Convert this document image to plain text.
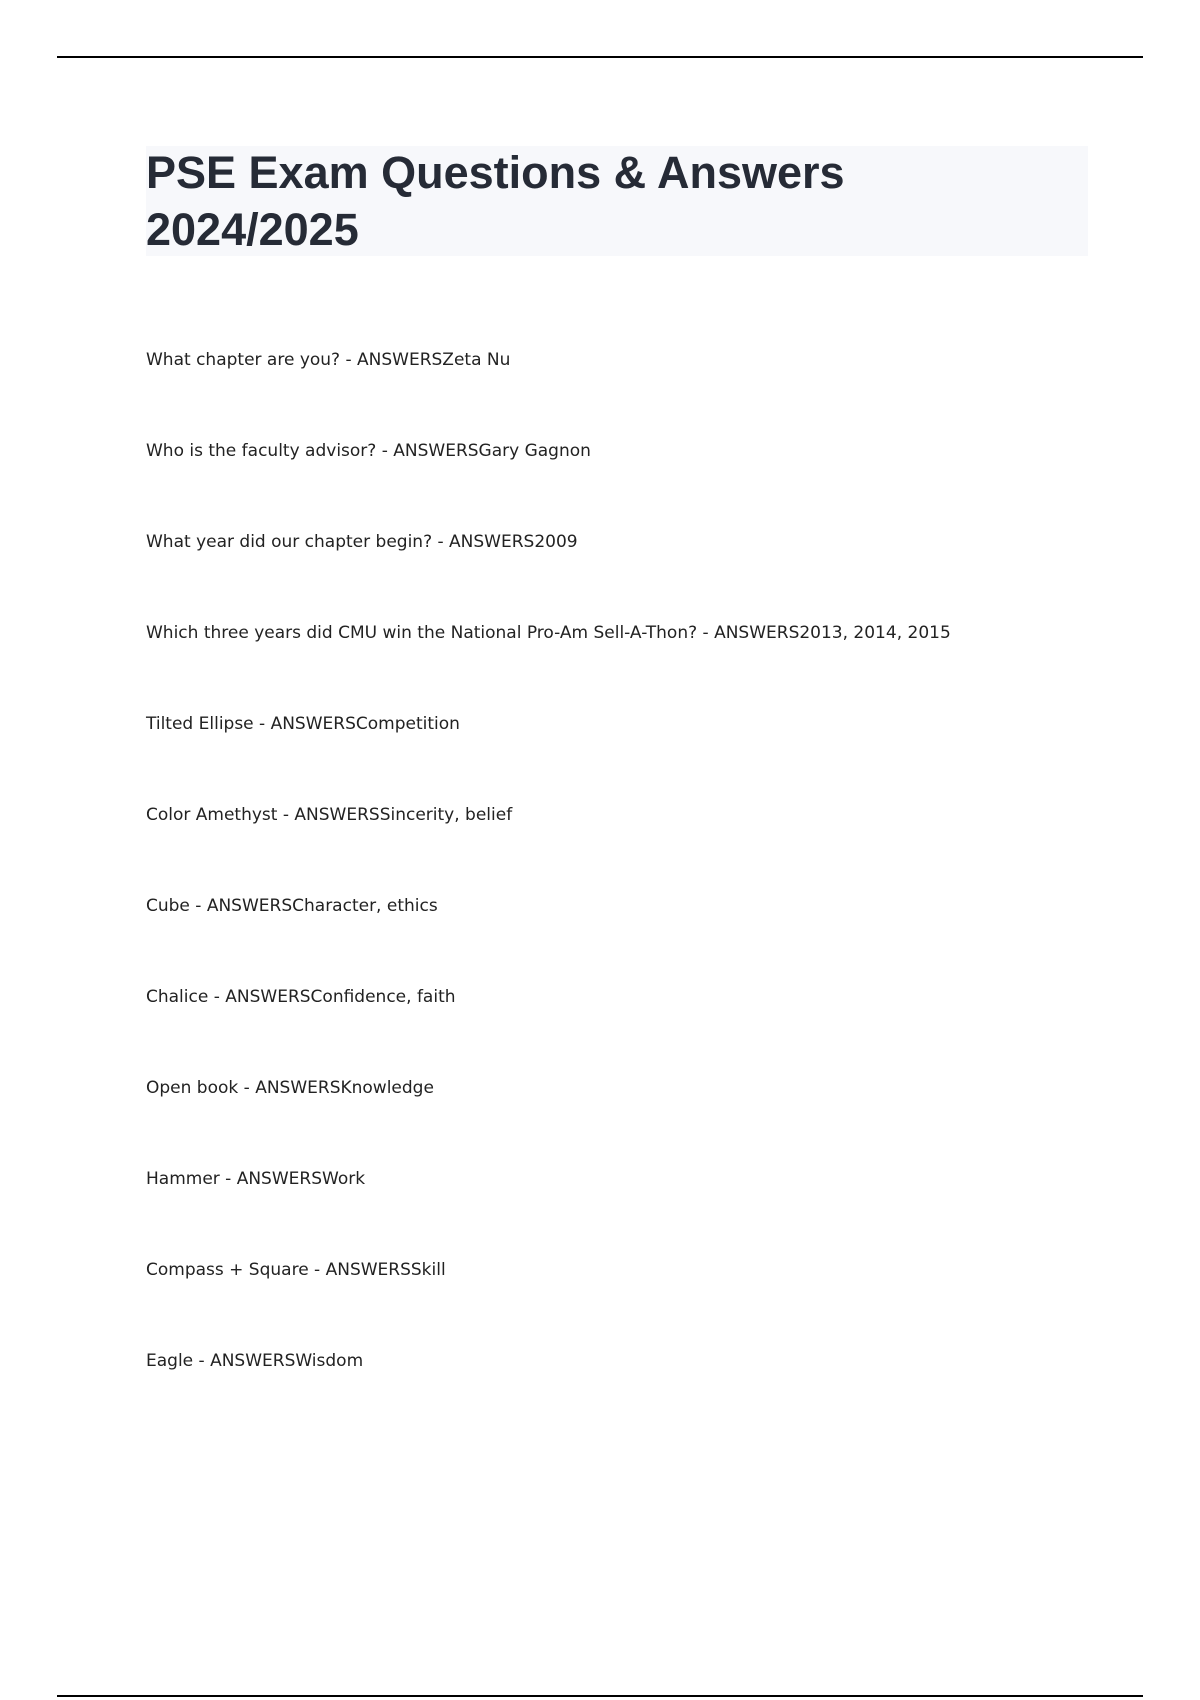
PSE Exam Questions & Answers
2024/2025
What chapter are you? - ANSWERSZeta Nu
Who is the faculty advisor? - ANSWERSGary Gagnon
What year did our chapter begin? - ANSWERS2009
Which three years did CMU win the National Pro-Am Sell-A-Thon? - ANSWERS2013, 2014, 2015
Tilted Ellipse - ANSWERSCompetition
Color Amethyst - ANSWERSSincerity, belief
Cube - ANSWERSCharacter, ethics
Chalice - ANSWERSConfidence, faith
Open book - ANSWERSKnowledge
Hammer - ANSWERSWork
Compass + Square - ANSWERSSkill
Eagle - ANSWERSWisdom
